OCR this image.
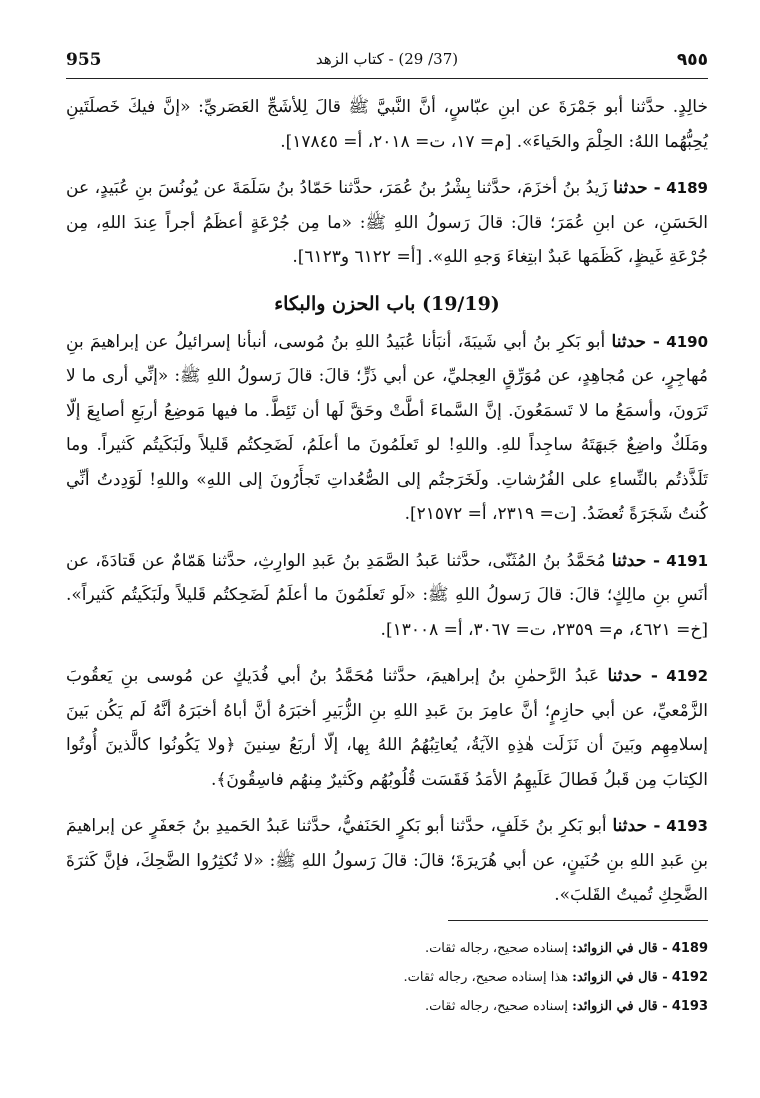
955	(37/ 29) - كتاب الزهد	٩٥٥

خالِدٍ. حدَّثنا أبو جَمْرَةَ عن ابنِ عبّاسٍ، أنَّ النَّبيَّ ﷺ قالَ لِلأشَجِّ العَصَريِّ: «إنَّ فيكَ خَصلَتَينِ يُحِبُّهُما اللهُ: الحِلْمَ والحَياءَ». [م= ١٧، ت= ٢٠١٨، أ= ١٧٨٤٥].

4189 - حدثنا زَيدُ بنُ أخزَمَ، حدَّثنا بِشْرُ بنُ عُمَرَ، حدَّثنا حَمّادُ بنُ سَلَمَةَ عن يُونُسَ بنِ عُبَيدٍ، عن الحَسَنِ، عن ابنِ عُمَرَ؛ قالَ: قالَ رَسولُ اللهِ ﷺ: «ما مِن جُرْعَةٍ أعظَمُ أجراً عِندَ اللهِ، مِن جُرْعَةِ غَيظٍ، كَظَمَها عَبدٌ ابتِغاءَ وَجهِ اللهِ». [أ= ٦١٢٢ و٦١٢٣].

(19/19) باب الحزن والبكاء

4190 - حدثنا أبو بَكرِ بنُ أبي شَيبَةَ، أنبَأنا عُبَيدُ اللهِ بنُ مُوسى، أنبأنا إسرائيلُ عن إبراهيمَ بنِ مُهاجِرٍ، عن مُجاهِدٍ، عن مُوَرِّقٍ العِجليِّ، عن أبي ذَرٍّ؛ قالَ: قالَ رَسولُ اللهِ ﷺ: «إنِّي أرى ما لا تَرَونَ، وأسمَعُ ما لا تَسمَعُونَ. إنَّ السَّماءَ أطَّتْ وحَقَّ لَها أن تَئِطَّ. ما فيها مَوضِعُ أربَعِ أصابِعَ إلّا ومَلَكٌ واضِعٌ جَبهَتَهُ ساجِداً للهِ. واللهِ! لو تَعلَمُونَ ما أعلَمُ، لَضَحِكتُم قَليلاً ولَبَكَيتُم كَثيراً. وما تَلَذَّذتُم بالنِّساءِ على الفُرُشاتِ. ولَخَرَجتُم إلى الصُّعُداتِ تَجأَرُونَ إلى اللهِ» واللهِ! لَوَدِدتُ أنِّي كُنتُ شَجَرَةً تُعضَدُ. [ت= ٢٣١٩، أ= ٢١٥٧٢].

4191 - حدثنا مُحَمَّدُ بنُ المُثَنّى، حدَّثنا عَبدُ الصَّمَدِ بنُ عَبدِ الوارِثِ، حدَّثنا هَمّامٌ عن قَتادَةَ، عن أنَسِ بنِ مالِكٍ؛ قالَ: قالَ رَسولُ اللهِ ﷺ: «لَو تَعلَمُونَ ما أعلَمُ لَضَحِكتُم قَليلاً ولَبَكَيتُم كَثيراً». [خ= ٤٦٢١، م= ٢٣٥٩، ت= ٣٠٦٧، أ= ١٣٠٠٨].

4192 - حدثنا عَبدُ الرَّحمٰنِ بنُ إبراهيمَ، حدَّثنا مُحَمَّدُ بنُ أبي فُدَيكٍ عن مُوسى بنِ يَعقُوبَ الزَّمْعيِّ، عن أبي حازِمٍ؛ أنَّ عامِرَ بنَ عَبدِ اللهِ بنِ الزُّبَيرِ أخبَرَهُ أنَّ أباهُ أخبَرَهُ أنَّهُ لَم يَكُن بَينَ إسلامِهِم وبَينَ أن نَزَلَت هٰذِهِ الآيَةُ، يُعاتِبُهُمُ اللهُ بِها، إلّا أربَعُ سِنينَ ﴿ولا يَكُونُوا كالَّذينَ أُوتُوا الكِتابَ مِن قَبلُ فَطالَ عَلَيهِمُ الأمَدُ فَقَسَت قُلُوبُهُم وكَثيرٌ مِنهُم فاسِقُونَ﴾.

4193 - حدثنا أبو بَكرِ بنُ خَلَفٍ، حدَّثنا أبو بَكرٍ الحَنَفيُّ، حدَّثنا عَبدُ الحَميدِ بنُ جَعفَرٍ عن إبراهيمَ بنِ عَبدِ اللهِ بنِ حُنَينٍ، عن أبي هُرَيرَةَ؛ قالَ: قالَ رَسولُ اللهِ ﷺ: «لا تُكثِرُوا الضَّحِكَ، فإنَّ كَثرَةَ الضَّحِكِ تُميتُ القَلبَ».

4189 - قال في الزوائد: إسناده صحيح، رجاله ثقات.

4192 - قال في الزوائد: هذا إسناده صحيح، رجاله ثقات.

4193 - قال في الزوائد: إسناده صحيح، رجاله ثقات.
